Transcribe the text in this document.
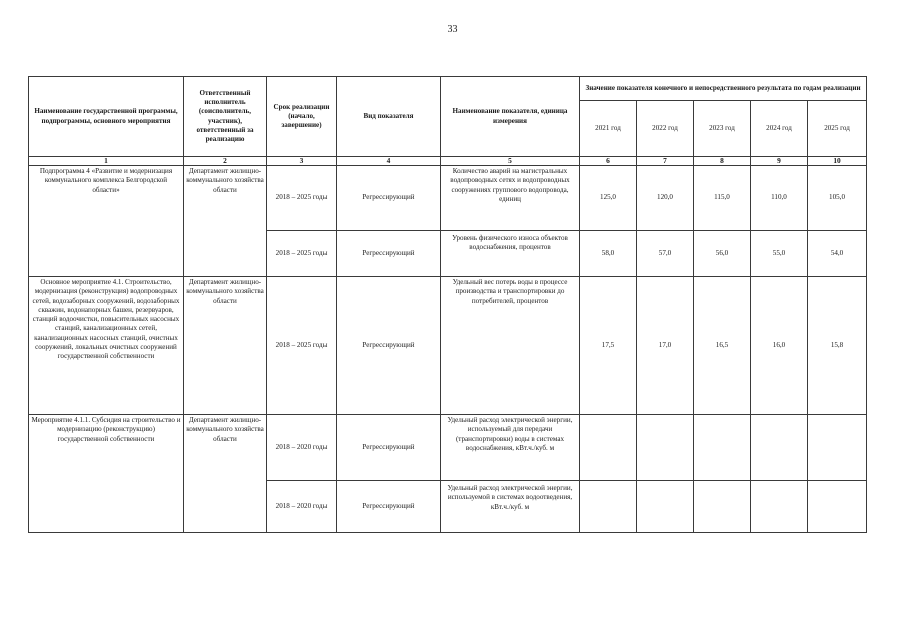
33
Наименование государственной программы, подпрограммы, основного мероприятия	Ответственный исполнитель (соисполнитель, участник), ответственный за реализацию	Срок реализации (начало, завершение)	Вид показателя	Наименование показателя, единица измерения	Значение показателя конечного и непосредственного результата по годам реализации				
					2021 год	2022 год	2023 год	2024 год	2025 год
1	2	3	4	5	6	7	8	9	10
Подпрограмма 4 «Развитие и модернизация коммунального комплекса Белгородской области»	Департамент жилищно-коммунального хозяйства области	2018 – 2025 годы	Регрессирующий	Количество аварий на магистральных водопроводных сетях и водопроводных сооружениях группового водопровода, единиц	125,0	120,0	115,0	110,0	105,0
		2018 – 2025 годы	Регрессирующий	Уровень физического износа объектов водоснабжения, процентов	58,0	57,0	56,0	55,0	54,0
Основное мероприятие 4.1. Строительство, модернизация (реконструкция) водопроводных сетей, водозаборных сооружений, водозаборных скважин, водонапорных башен, резервуаров, станций водоочистки, повысительных насосных станций, канализационных сетей, канализационных насосных станций, очистных сооружений, локальных очистных сооружений государственной собственности	Департамент жилищно-коммунального хозяйства области	2018 – 2025 годы	Регрессирующий	Удельный вес потерь воды в процессе производства и транспортировки до потребителей, процентов	17,5	17,0	16,5	16,0	15,8
Мероприятие 4.1.1. Субсидия на строительство и модернизацию (реконструкцию) государственной собственности	Департамент жилищно-коммунального хозяйства области	2018 – 2020 годы	Регрессирующий	Удельный расход электрической энергии, используемый для передачи (транспортировки) воды в системах водоснабжения, кВт.ч./куб. м					
		2018 – 2020 годы	Регрессирующий	Удельный расход электрической энергии, используемой в системах водоотведения, кВт.ч./куб. м					
